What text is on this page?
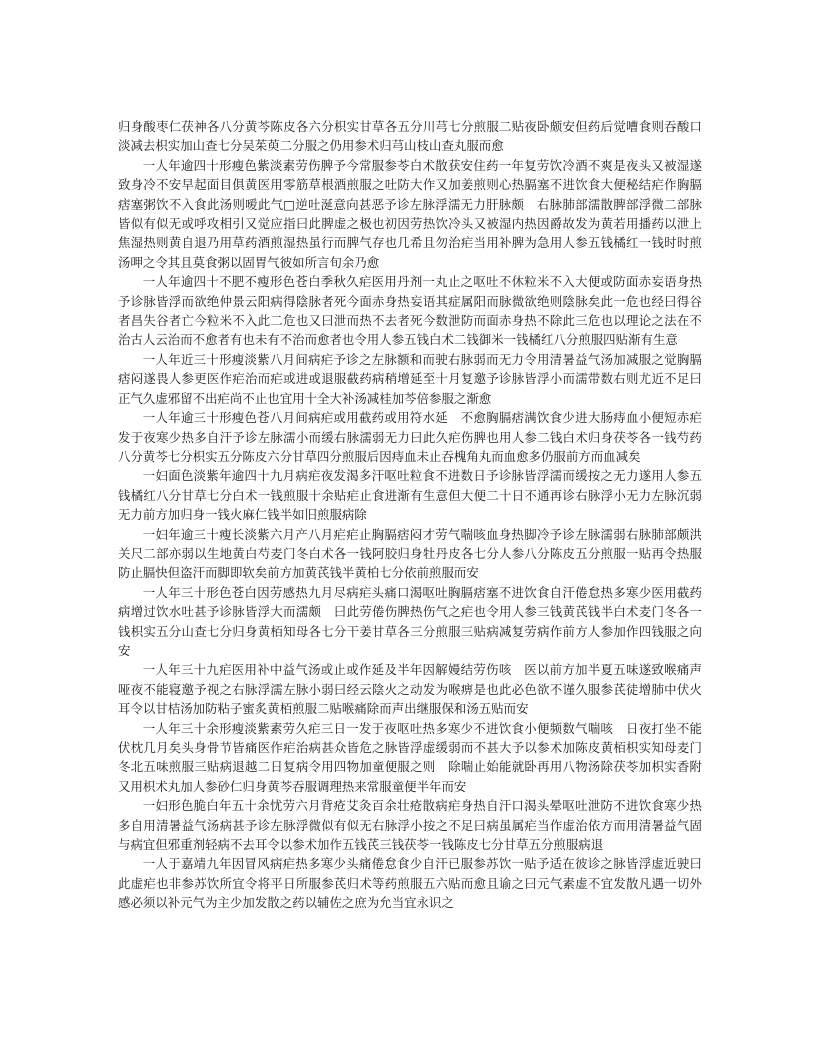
归身酸枣仁茯神各八分黄芩陈皮各六分枳实甘草各五分川芎七分煎服二贴夜卧颇安但药后觉嘈食则吞酸口淡减去枳实加山查七分吴茱萸二分服之仍用参术归芎山枝山查丸服而愈

一人年逾四十形瘦色紫淡素劳伤脾予今常服参苓白术散获安住药一年复劳饮冷酒不爽是夜头又被湿遂致身冷不安早起面目俱黄医用零筋草根酒煎服之吐防大作又加姜煎则心热膈塞不进饮食大便秘结疟作胸膈痞塞粥饮不入食此汤则嗳此气□逆吐涎意向甚恶予诊左脉浮濡无力肝脉颇　右脉肺部濡散脾部浮微二部脉皆似有似无或呼攻相引又觉应指曰此脾虚之极也初因劳热饮冷头又被湿内热因爵故发为黄若用播药以泄上焦湿热则黄自退乃用草药酒煎湿热虽行而脾气存也几希且勿治疟当用补脾为急用人参五钱橘红一钱时时煎汤呷之令其且莫食粥以固胃气彼如所言旬余乃愈

一人年逾四十不肥不瘦形色苍白季秋久疟医用丹剂一丸止之呕吐不休粒米不入大便或防面赤妄语身热予诊脉皆浮而欲绝仲景云阳病得陰脉者死今面赤身热妄语其症属阳而脉微欲绝则陰脉矣此一危也经曰得谷者昌失谷者亡今粒米不入此二危也又曰泄而热不去者死今数泄防而面赤身热不除此三危也以理论之法在不治古人云治而不愈者有也未有不治而愈者也令用人参五钱白术二钱御米一钱橘红八分煎服四贴渐有生意

一人年近三十形瘦淡紫八月间病疟予诊之左脉额和而驶右脉弱而无力令用清暑益气汤加减服之觉胸膈痞闷遂畏人参更医作疟治而疟或进或退服截药病稍增延至十月复邀予诊脉皆浮小而濡带数右则尤近不足曰正气久虚邪留不出疟尚不止也宜用十全大补汤减桂加芩倍参服之渐愈

一人年逾三十形瘦色苍八月间病疟或用截药或用符水延　不愈胸膈痞满饮食少进大肠痔血小便短赤疟发于夜寒少热多自汗予诊左脉濡小而缓右脉濡弱无力曰此久疟伤脾也用人参二钱白术归身茯苓各一钱芍药八分黄芩七分枳实五分陈皮六分甘草四分煎服后因痔血未止吞槐角丸而血愈多仍服前方而血减矣

一妇面色淡紫年逾四十九月病疟夜发渴多汗呕吐粒食不进数日予诊脉皆浮濡而缓按之无力遂用人参五钱橘红八分甘草七分白术一钱煎服十余贴疟止食进渐有生意但大便二十日不通再诊右脉浮小无力左脉沉弱无力前方加归身一钱火麻仁钱半如旧煎服病除

一妇年逾三十瘦长淡紫六月产八月疟疟止胸膈痞闷才劳气喘咳血身热脚冷予诊左脉濡弱右脉肺部颇洪关尺二部亦弱以生地黄白芍麦门冬白术各一钱阿胶归身牡丹皮各七分人参八分陈皮五分煎服一贴再令热服防止膈快但盗汗而脚即软矣前方加黄芪钱半黄柏七分依前煎服而安

一人年三十形色苍白因劳感热九月尽病疟头痛口渴呕吐胸膈痞塞不进饮食自汗倦怠热多寒少医用截药病增过饮水吐甚予诊脉皆浮大而濡颇　曰此劳倦伤脾热伤气之疟也令用人参三钱黄芪钱半白术麦门冬各一钱枳实五分山查七分归身黄栢知母各七分干姜甘草各三分煎服三贴病减复劳病作前方人参加作四钱服之向安

一人年三十九疟医用补中益气汤或止或作延及半年因解嫚结劳伤咳　医以前方加半夏五味遂致喉痛声哑夜不能寝邀予视之右脉浮濡左脉小弱曰经云陰火之动发为喉痹是也此必色欲不谨久服参芪徒增肺中伏火耳令以甘桔汤加防粘子蜜炙黄栢煎服二贴喉痛除而声出继服保和汤五贴而安

一人年三十余形瘦淡紫素劳久疟三日一发于夜呕吐热多寒少不进饮食小便频数气喘咳　日夜打坐不能伏枕几月矣头身骨节皆痛医作疟治病甚众皆危之脉皆浮虚缓弱而不甚大予以参术加陈皮黄栢枳实知母麦门冬北五味煎服三贴病退越二日复病令用四物加童便服之则　除喘止始能就卧再用八物汤除茯苓加枳实香附又用枳术丸加人参砂仁归身黄芩吞服调理热来常服童便半年而安

一妇形色脆白年五十余忧劳六月背疮艾灸百余壮疮散病疟身热自汗口渴头晕呕吐泄防不进饮食寒少热多自用清暑益气汤病甚予诊左脉浮微似有似无右脉浮小按之不足曰病虽属疟当作虚治依方而用清暑益气固与病宜但邪重剂轻病不去耳令以参术加作五钱芪三钱茯苓一钱陈皮七分甘草五分煎服病退

一人于嘉靖九年因冒风病疟热多寒少头痛倦怠食少自汗已服参苏饮一贴予适在彼诊之脉皆浮虚近驶曰此虚疟也非参苏饮所宜令将平日所服参芪归术等药煎服五六贴而愈且谕之曰元气素虚不宜发散凡遇一切外感必须以补元气为主少加发散之药以辅佐之庶为允当宜永识之
